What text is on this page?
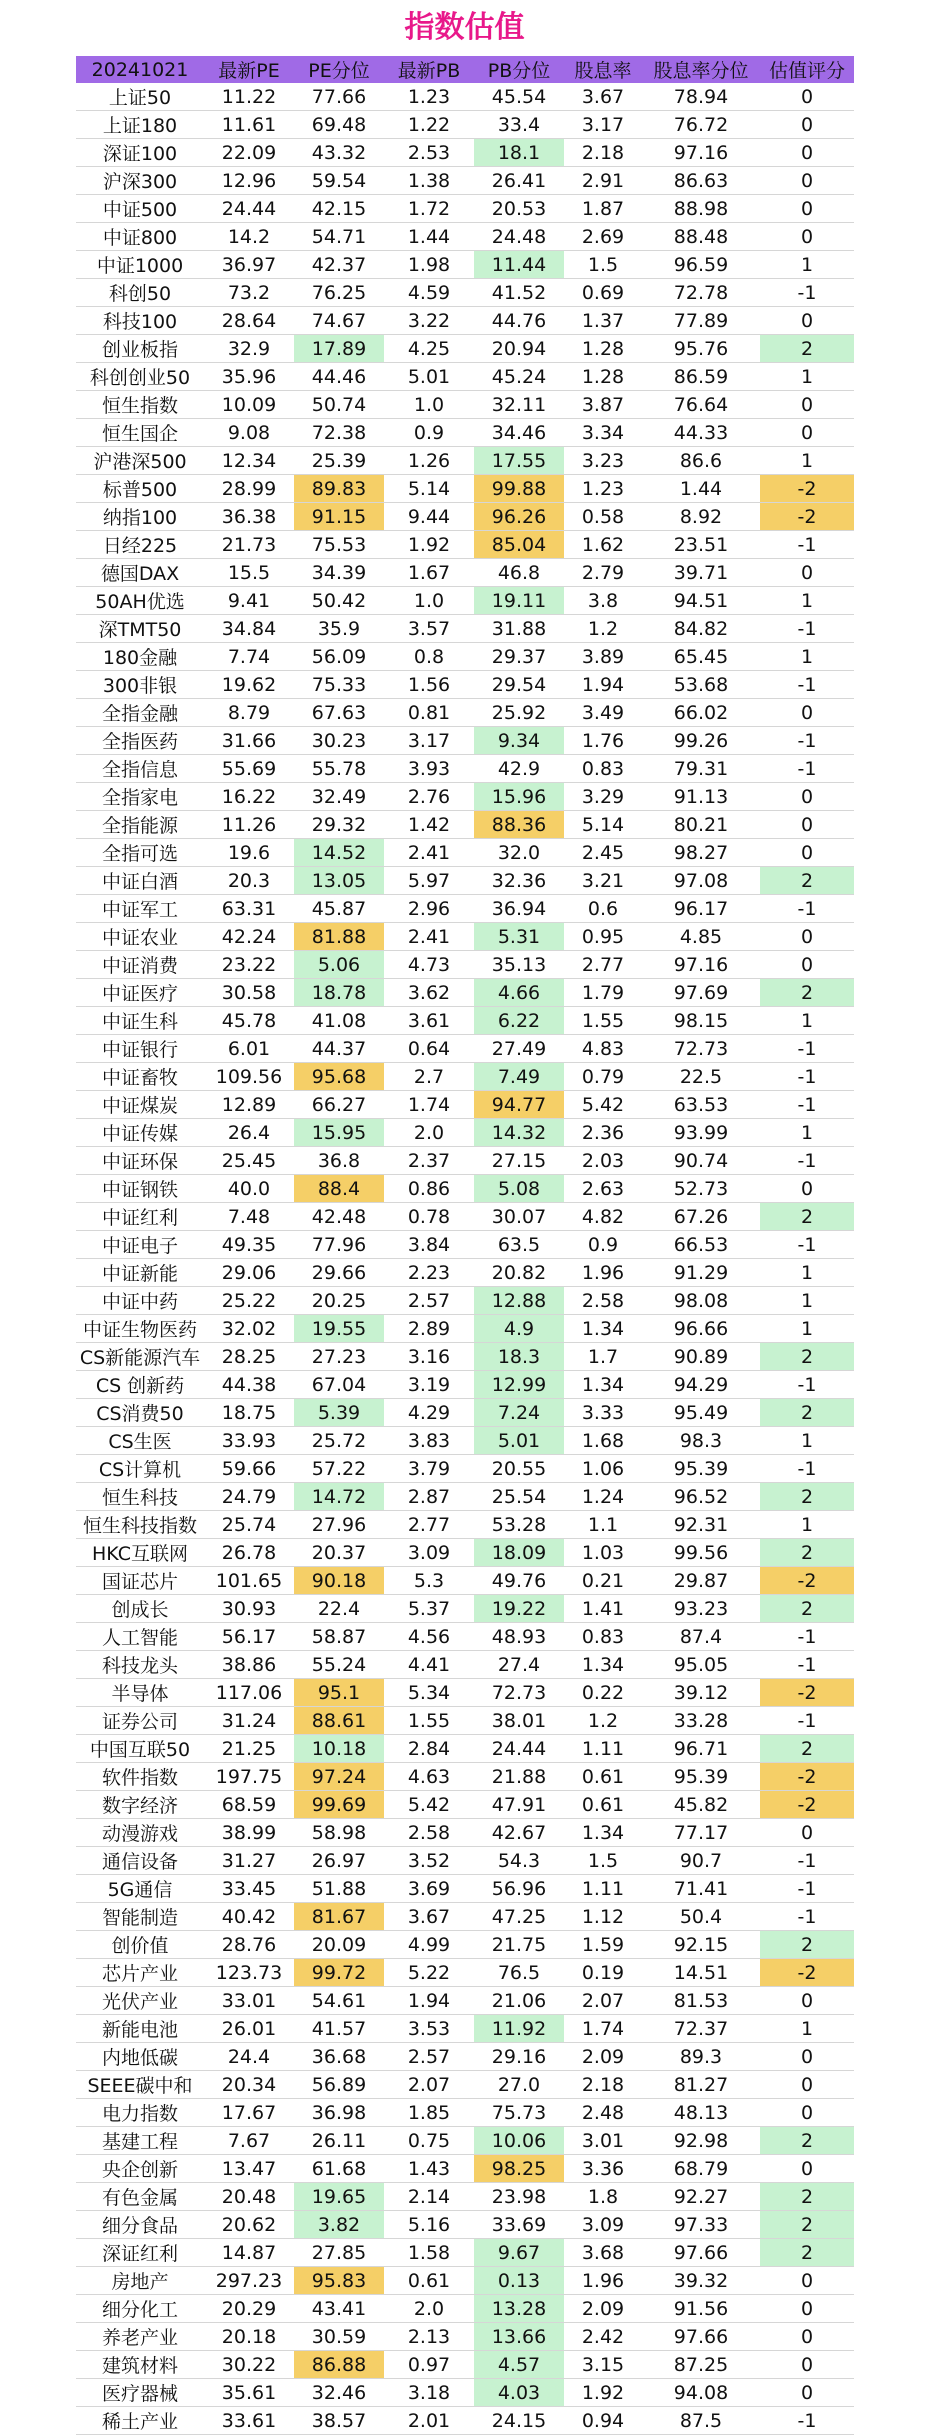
指数估值
20241021	最新PE	PE分位	最新PB	PB分位	股息率	股息率分位	估值评分
上证50	11.22	77.66	1.23	45.54	3.67	78.94	0
上证180	11.61	69.48	1.22	33.4	3.17	76.72	0
深证100	22.09	43.32	2.53	18.1	2.18	97.16	0
沪深300	12.96	59.54	1.38	26.41	2.91	86.63	0
中证500	24.44	42.15	1.72	20.53	1.87	88.98	0
中证800	14.2	54.71	1.44	24.48	2.69	88.48	0
中证1000	36.97	42.37	1.98	11.44	1.5	96.59	1
科创50	73.2	76.25	4.59	41.52	0.69	72.78	-1
科技100	28.64	74.67	3.22	44.76	1.37	77.89	0
创业板指	32.9	17.89	4.25	20.94	1.28	95.76	2
科创创业50	35.96	44.46	5.01	45.24	1.28	86.59	1
恒生指数	10.09	50.74	1.0	32.11	3.87	76.64	0
恒生国企	9.08	72.38	0.9	34.46	3.34	44.33	0
沪港深500	12.34	25.39	1.26	17.55	3.23	86.6	1
标普500	28.99	89.83	5.14	99.88	1.23	1.44	-2
纳指100	36.38	91.15	9.44	96.26	0.58	8.92	-2
日经225	21.73	75.53	1.92	85.04	1.62	23.51	-1
德国DAX	15.5	34.39	1.67	46.8	2.79	39.71	0
50AH优选	9.41	50.42	1.0	19.11	3.8	94.51	1
深TMT50	34.84	35.9	3.57	31.88	1.2	84.82	-1
180金融	7.74	56.09	0.8	29.37	3.89	65.45	1
300非银	19.62	75.33	1.56	29.54	1.94	53.68	-1
全指金融	8.79	67.63	0.81	25.92	3.49	66.02	0
全指医药	31.66	30.23	3.17	9.34	1.76	99.26	-1
全指信息	55.69	55.78	3.93	42.9	0.83	79.31	-1
全指家电	16.22	32.49	2.76	15.96	3.29	91.13	0
全指能源	11.26	29.32	1.42	88.36	5.14	80.21	0
全指可选	19.6	14.52	2.41	32.0	2.45	98.27	0
中证白酒	20.3	13.05	5.97	32.36	3.21	97.08	2
中证军工	63.31	45.87	2.96	36.94	0.6	96.17	-1
中证农业	42.24	81.88	2.41	5.31	0.95	4.85	0
中证消费	23.22	5.06	4.73	35.13	2.77	97.16	0
中证医疗	30.58	18.78	3.62	4.66	1.79	97.69	2
中证生科	45.78	41.08	3.61	6.22	1.55	98.15	1
中证银行	6.01	44.37	0.64	27.49	4.83	72.73	-1
中证畜牧	109.56	95.68	2.7	7.49	0.79	22.5	-1
中证煤炭	12.89	66.27	1.74	94.77	5.42	63.53	-1
中证传媒	26.4	15.95	2.0	14.32	2.36	93.99	1
中证环保	25.45	36.8	2.37	27.15	2.03	90.74	-1
中证钢铁	40.0	88.4	0.86	5.08	2.63	52.73	0
中证红利	7.48	42.48	0.78	30.07	4.82	67.26	2
中证电子	49.35	77.96	3.84	63.5	0.9	66.53	-1
中证新能	29.06	29.66	2.23	20.82	1.96	91.29	1
中证中药	25.22	20.25	2.57	12.88	2.58	98.08	1
中证生物医药	32.02	19.55	2.89	4.9	1.34	96.66	1
CS新能源汽车	28.25	27.23	3.16	18.3	1.7	90.89	2
CS 创新药	44.38	67.04	3.19	12.99	1.34	94.29	-1
CS消费50	18.75	5.39	4.29	7.24	3.33	95.49	2
CS生医	33.93	25.72	3.83	5.01	1.68	98.3	1
CS计算机	59.66	57.22	3.79	20.55	1.06	95.39	-1
恒生科技	24.79	14.72	2.87	25.54	1.24	96.52	2
恒生科技指数	25.74	27.96	2.77	53.28	1.1	92.31	1
HKC互联网	26.78	20.37	3.09	18.09	1.03	99.56	2
国证芯片	101.65	90.18	5.3	49.76	0.21	29.87	-2
创成长	30.93	22.4	5.37	19.22	1.41	93.23	2
人工智能	56.17	58.87	4.56	48.93	0.83	87.4	-1
科技龙头	38.86	55.24	4.41	27.4	1.34	95.05	-1
半导体	117.06	95.1	5.34	72.73	0.22	39.12	-2
证券公司	31.24	88.61	1.55	38.01	1.2	33.28	-1
中国互联50	21.25	10.18	2.84	24.44	1.11	96.71	2
软件指数	197.75	97.24	4.63	21.88	0.61	95.39	-2
数字经济	68.59	99.69	5.42	47.91	0.61	45.82	-2
动漫游戏	38.99	58.98	2.58	42.67	1.34	77.17	0
通信设备	31.27	26.97	3.52	54.3	1.5	90.7	-1
5G通信	33.45	51.88	3.69	56.96	1.11	71.41	-1
智能制造	40.42	81.67	3.67	47.25	1.12	50.4	-1
创价值	28.76	20.09	4.99	21.75	1.59	92.15	2
芯片产业	123.73	99.72	5.22	76.5	0.19	14.51	-2
光伏产业	33.01	54.61	1.94	21.06	2.07	81.53	0
新能电池	26.01	41.57	3.53	11.92	1.74	72.37	1
内地低碳	24.4	36.68	2.57	29.16	2.09	89.3	0
SEEE碳中和	20.34	56.89	2.07	27.0	2.18	81.27	0
电力指数	17.67	36.98	1.85	75.73	2.48	48.13	0
基建工程	7.67	26.11	0.75	10.06	3.01	92.98	2
央企创新	13.47	61.68	1.43	98.25	3.36	68.79	0
有色金属	20.48	19.65	2.14	23.98	1.8	92.27	2
细分食品	20.62	3.82	5.16	33.69	3.09	97.33	2
深证红利	14.87	27.85	1.58	9.67	3.68	97.66	2
房地产	297.23	95.83	0.61	0.13	1.96	39.32	0
细分化工	20.29	43.41	2.0	13.28	2.09	91.56	0
养老产业	20.18	30.59	2.13	13.66	2.42	97.66	0
建筑材料	30.22	86.88	0.97	4.57	3.15	87.25	0
医疗器械	35.61	32.46	3.18	4.03	1.92	94.08	0
稀土产业	33.61	38.57	2.01	24.15	0.94	87.5	-1
